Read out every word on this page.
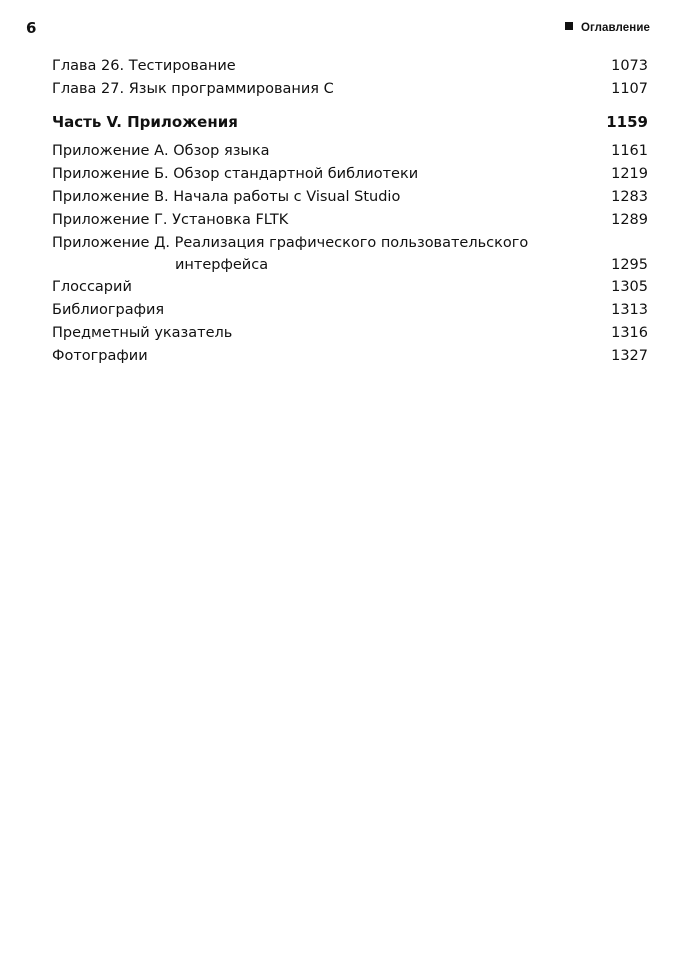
6	Оглавление
Глава 26. Тестирование	1073
Глава 27. Язык программирования С	1107
Часть V. Приложения	1159
Приложение А. Обзор языка	1161
Приложение Б. Обзор стандартной библиотеки	1219
Приложение В. Начала работы с Visual Studio	1283
Приложение Г. Установка FLTK	1289
Приложение Д. Реализация графического пользовательского
интерфейса	1295
Глоссарий	1305
Библиография	1313
Предметный указатель	1316
Фотографии	1327
